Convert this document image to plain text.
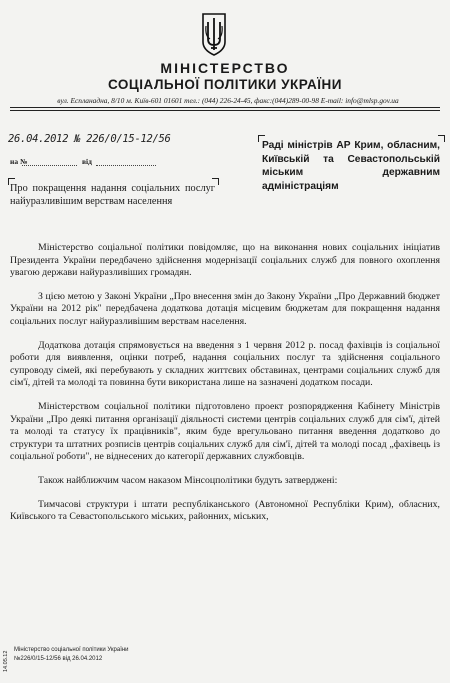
МІНІСТЕРСТВО
СОЦІАЛЬНОЇ ПОЛІТИКИ УКРАЇНИ
вул. Еспланадна, 8/10 м. Київ-601 01601 тел.: (044) 226-24-45, факс:(044)289-00-98 E-mail: info@mlsp.gov.ua
26.04.2012 № 226/0/15-12/56
на №	від
Про покращення надання соціальних послуг найуразливішим верствам населення
Раді міністрів АР Крим, обласним, Київській та Севастопольській міським державним адміністраціям

Міністерство соціальної політики повідомляє, що на виконання нових соціальних ініціатив Президента України передбачено здійснення модернізації соціальних служб для повного охоплення увагою держави найуразливіших громадян.

З цією метою у Законі України „Про внесення змін до Закону України „Про Державний бюджет України на 2012 рік" передбачена додаткова дотація місцевим бюджетам для покращення надання соціальних послуг найуразливішим верствам населення.

Додаткова дотація спрямовується на введення з 1 червня 2012 р. посад фахівців із соціальної роботи для виявлення, оцінки потреб, надання соціальних послуг та здійснення соціального супроводу сімей, які перебувають у складних життєвих обставинах, центрами соціальних служб для сім'ї, дітей та молоді та повинна бути використана лише на зазначені додатком посади.

Міністерством соціальної політики підготовлено проект розпорядження Кабінету Міністрів України „Про деякі питання організації діяльності системи центрів соціальних служб для сім'ї, дітей та молоді та статусу їх працівників", яким буде врегульовано питання введення додатково до структури та штатних розписів центрів соціальних служб для сім'ї, дітей та молоді посад „фахівець із соціальної роботи", не віднесених до категорії державних службовців.

Також найближчим часом наказом Мінсоцполітики будуть затверджені:

Тимчасові структури і штати республіканського (Автономної Республіки Крим), обласних, Київського та Севастопольського міських, районних, міських,

14.05.12
Міністерство соціальної політики України
№226/0/15-12/56 від 26.04.2012
